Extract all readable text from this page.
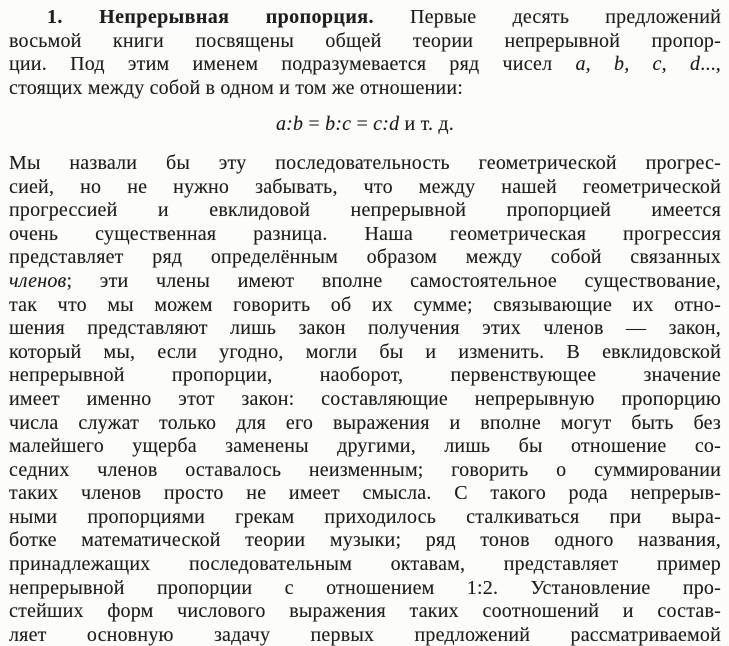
1. Непрерывная пропорция. Первые десять предложений
восьмой книги посвящены общей теории непрерывной пропор-
ции. Под этим именем подразумевается ряд чисел a, b, c, d...,
стоящих между собой в одном и том же отношении:
a:b = b:c = c:d и т. д.
Мы назвали бы эту последовательность геометрической прогрес-
сией, но не нужно забывать, что между нашей геометрической
прогрессией и евклидовой непрерывной пропорцией имеется
очень существенная разница. Наша геометрическая прогрессия
представляет ряд определённым образом между собой связанных
членов; эти члены имеют вполне самостоятельное существование,
так что мы можем говорить об их сумме; связывающие их отно-
шения представляют лишь закон получения этих членов — закон,
который мы, если угодно, могли бы и изменить. В евклидовской
непрерывной пропорции, наоборот, первенствующее значение
имеет именно этот закон: составляющие непрерывную пропорцию
числа служат только для его выражения и вполне могут быть без
малейшего ущерба заменены другими, лишь бы отношение со-
седних членов оставалось неизменным; говорить о суммировании
таких членов просто не имеет смысла. С такого рода непрерыв-
ными пропорциями грекам приходилось сталкиваться при выра-
ботке математической теории музыки; ряд тонов одного названия,
принадлежащих последовательным октавам, представляет пример
непрерывной пропорции с отношением 1:2. Установление про-
стейших форм числового выражения таких соотношений и состав-
ляет основную задачу первых предложений рассматриваемой
